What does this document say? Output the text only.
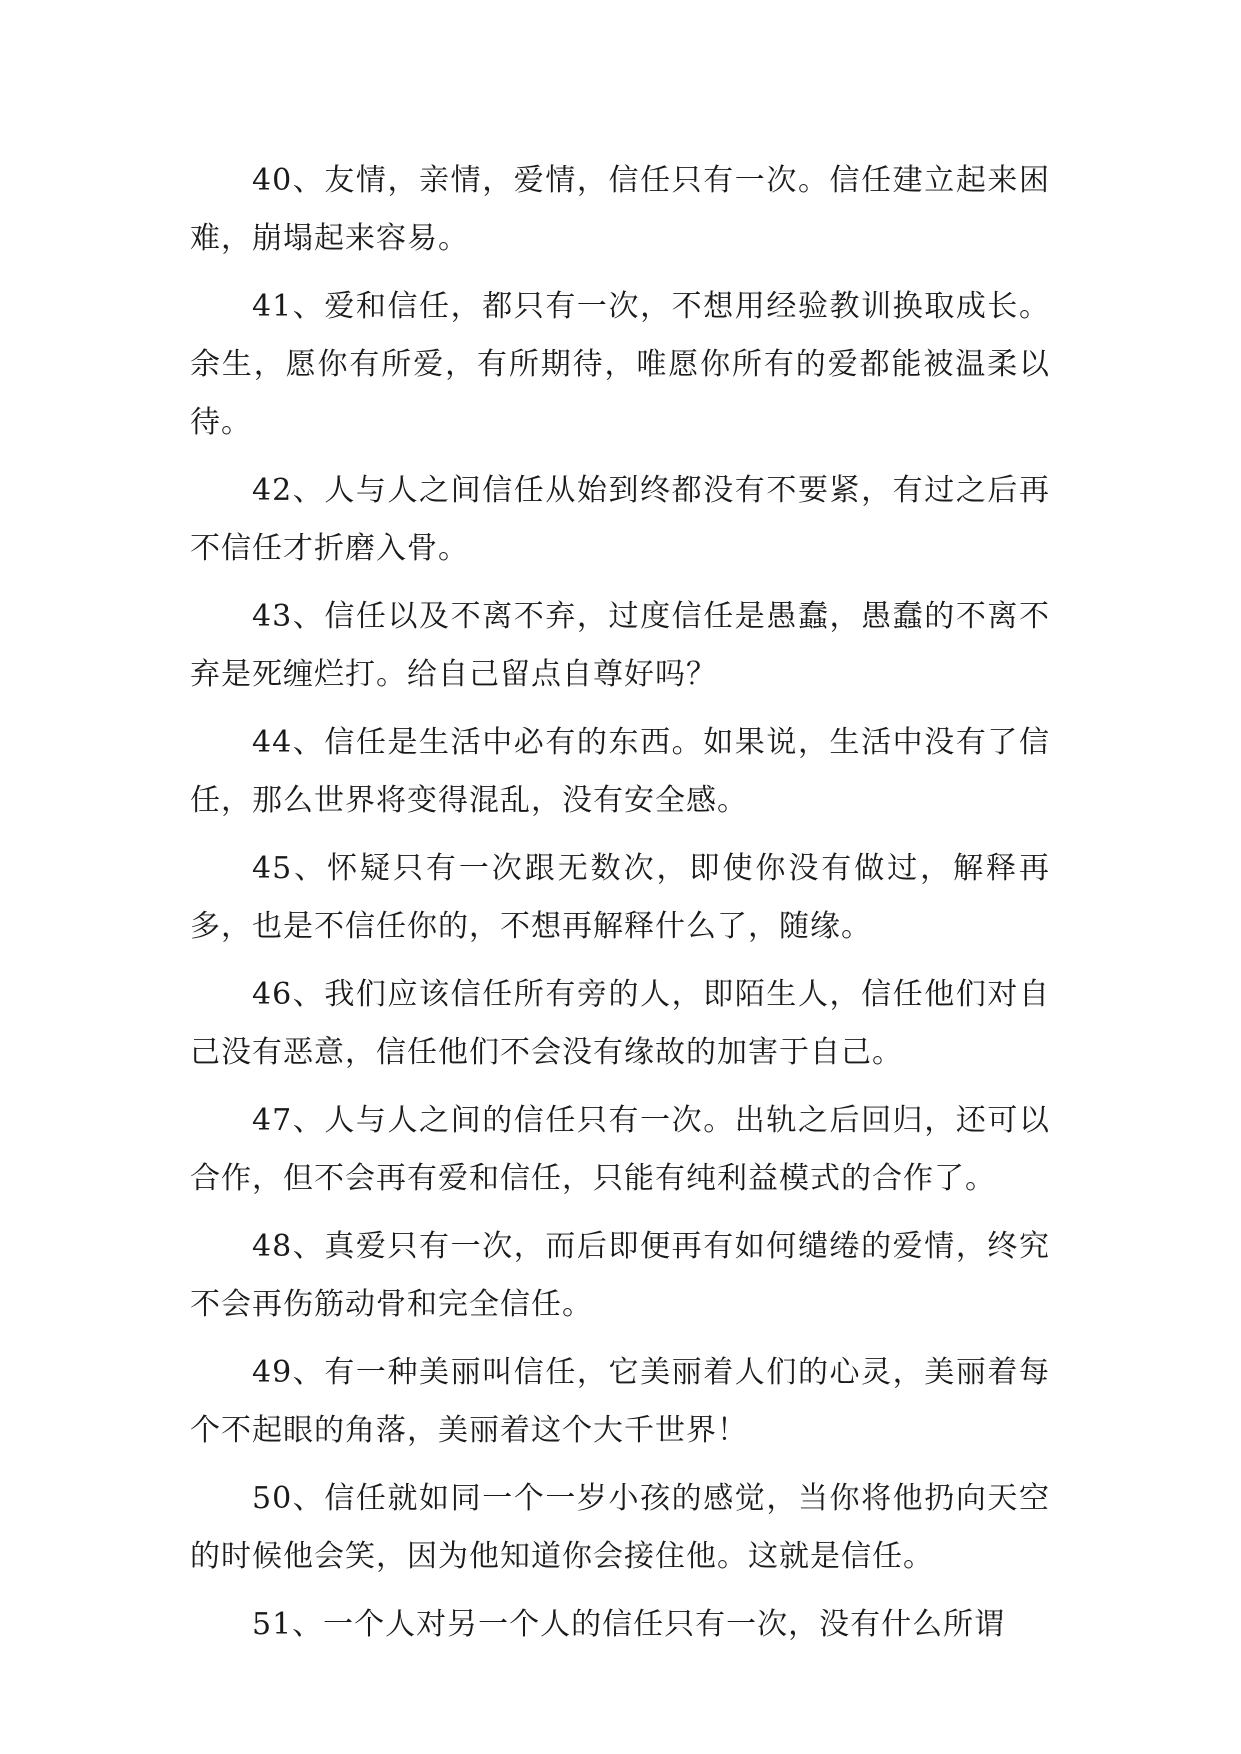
40、友情，亲情，爱情，信任只有一次。信任建立起来困难，崩塌起来容易。

41、爱和信任，都只有一次，不想用经验教训换取成长。余生，愿你有所爱，有所期待，唯愿你所有的爱都能被温柔以待。

42、人与人之间信任从始到终都没有不要紧，有过之后再不信任才折磨入骨。

43、信任以及不离不弃，过度信任是愚蠢，愚蠢的不离不弃是死缠烂打。给自己留点自尊好吗？

44、信任是生活中必有的东西。如果说，生活中没有了信任，那么世界将变得混乱，没有安全感。

45、怀疑只有一次跟无数次，即使你没有做过，解释再多，也是不信任你的，不想再解释什么了，随缘。

46、我们应该信任所有旁的人，即陌生人，信任他们对自己没有恶意，信任他们不会没有缘故的加害于自己。

47、人与人之间的信任只有一次。出轨之后回归，还可以合作，但不会再有爱和信任，只能有纯利益模式的合作了。

48、真爱只有一次，而后即便再有如何缱绻的爱情，终究不会再伤筋动骨和完全信任。

49、有一种美丽叫信任，它美丽着人们的心灵，美丽着每个不起眼的角落，美丽着这个大千世界！

50、信任就如同一个一岁小孩的感觉，当你将他扔向天空的时候他会笑，因为他知道你会接住他。这就是信任。

51、一个人对另一个人的信任只有一次，没有什么所谓
